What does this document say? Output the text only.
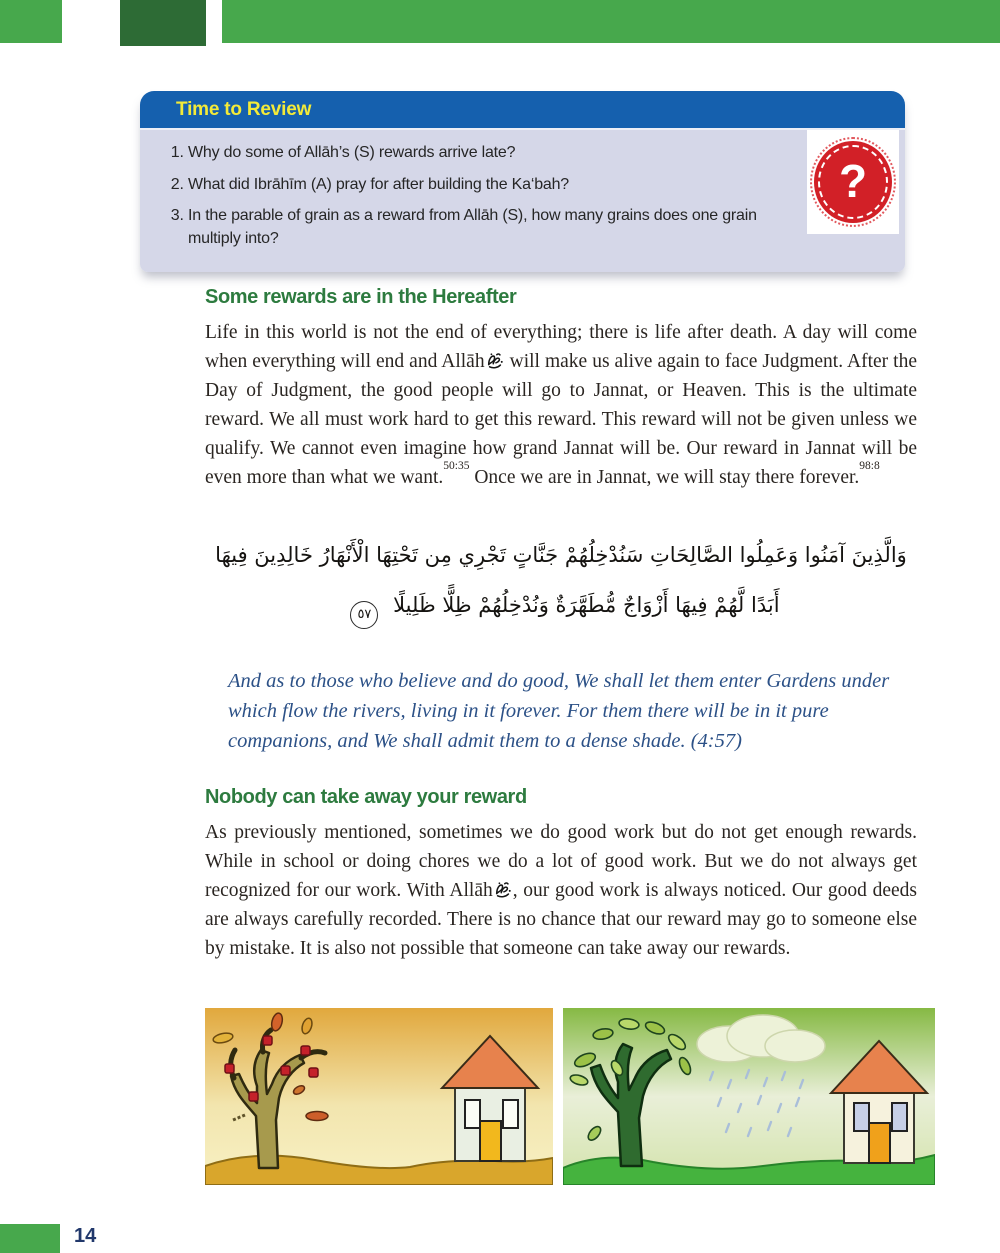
Time to Review
1. Why do some of Allāh’s (S) rewards arrive late?
2. What did Ibrāhīm (A) pray for after building the Ka‘bah?
3. In the parable of grain as a reward from Allāh (S), how many grains does one grain multiply into?
?
Some rewards are in the Hereafter

Life in this world is not the end of everything; there is life after death. A day will come when everything will end and Allāh will make us alive again to face Judgment. After the Day of Judgment, the good people will go to Jannat, or Heaven. This is the ultimate reward. We all must work hard to get this reward. This reward will not be given unless we qualify. We cannot even imagine how grand Jannat will be. Our reward in Jannat will be even more than what we want.$^{50:35}$ Once we are in Jannat, we will stay there forever.$^{98:8}$

وَالَّذِينَ آمَنُوا وَعَمِلُوا الصَّالِحَاتِ سَنُدْخِلُهُمْ جَنَّاتٍ تَجْرِي مِن تَحْتِهَا الْأَنْهَارُ خَالِدِينَ فِيهَا أَبَدًا لَّهُمْ فِيهَا أَزْوَاجٌ مُّطَهَّرَةٌ وَنُدْخِلُهُمْ ظِلًّا ظَلِيلًا ٥٧

And as to those who believe and do good, We shall let them enter Gardens under which flow the rivers, living in it forever. For them there will be in it pure companions, and We shall admit them to a dense shade. (4:57)

Nobody can take away your reward

As previously mentioned, sometimes we do good work but do not get enough rewards. While in school or doing chores we do a lot of good work. But we do not always get recognized for our work. With Allāh , our good work is always noticed. Our good deeds are always carefully recorded. There is no chance that our reward may go to someone else by mistake. It is also not possible that someone can take away our rewards.

14
